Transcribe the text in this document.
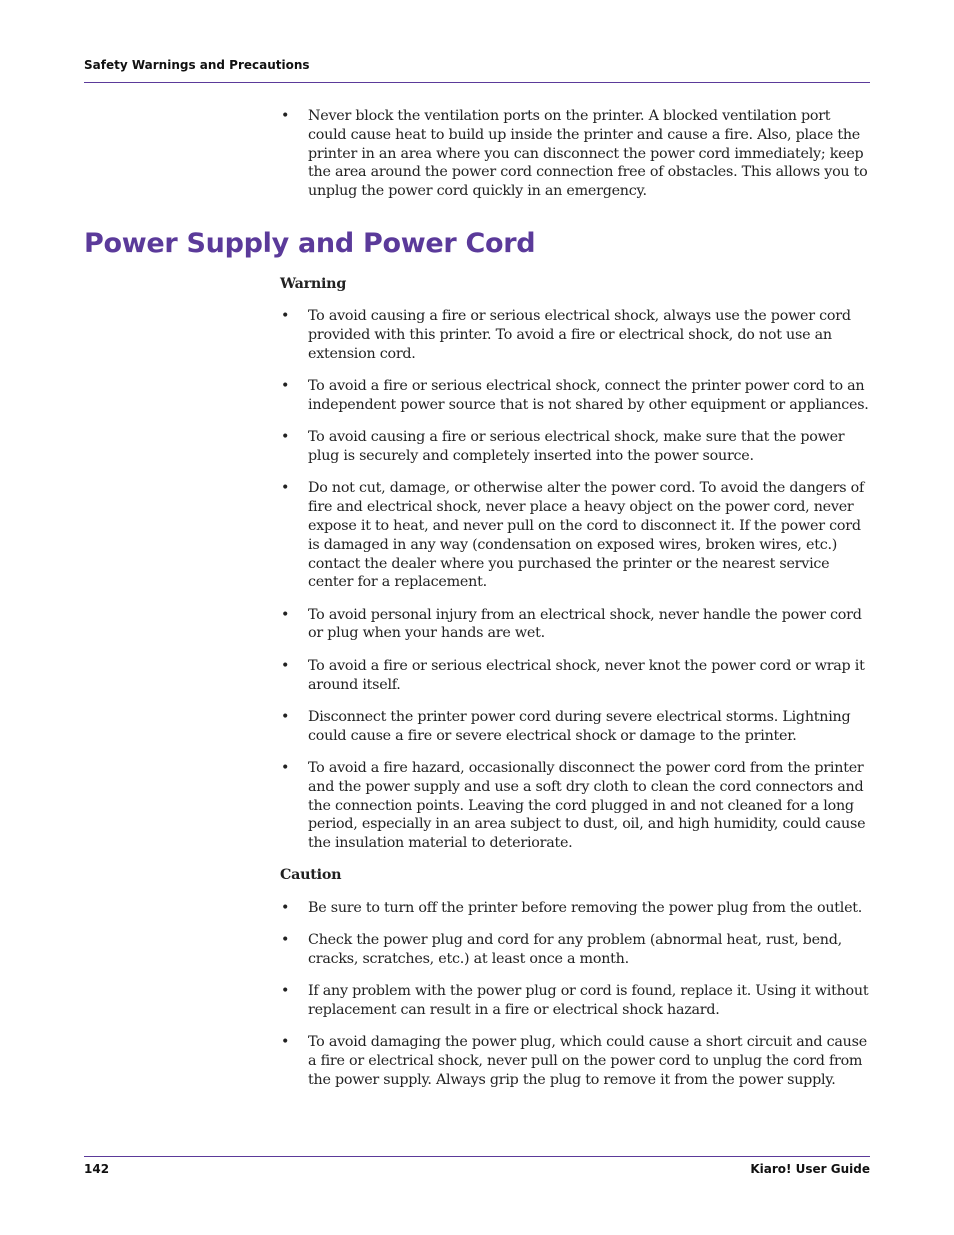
Safety Warnings and Precautions
• Never block the ventilation ports on the printer. A blocked ventilation port could cause heat to build up inside the printer and cause a fire. Also, place the printer in an area where you can disconnect the power cord immediately; keep the area around the power cord connection free of obstacles. This allows you to unplug the power cord quickly in an emergency.
Power Supply and Power Cord
Warning
• To avoid causing a fire or serious electrical shock, always use the power cord provided with this printer. To avoid a fire or electrical shock, do not use an extension cord.
• To avoid a fire or serious electrical shock, connect the printer power cord to an independent power source that is not shared by other equipment or appliances.
• To avoid causing a fire or serious electrical shock, make sure that the power plug is securely and completely inserted into the power source.
• Do not cut, damage, or otherwise alter the power cord. To avoid the dangers of fire and electrical shock, never place a heavy object on the power cord, never expose it to heat, and never pull on the cord to disconnect it. If the power cord is damaged in any way (condensation on exposed wires, broken wires, etc.) contact the dealer where you purchased the printer or the nearest service center for a replacement.
• To avoid personal injury from an electrical shock, never handle the power cord or plug when your hands are wet.
• To avoid a fire or serious electrical shock, never knot the power cord or wrap it around itself.
• Disconnect the printer power cord during severe electrical storms. Lightning could cause a fire or severe electrical shock or damage to the printer.
• To avoid a fire hazard, occasionally disconnect the power cord from the printer and the power supply and use a soft dry cloth to clean the cord connectors and the connection points. Leaving the cord plugged in and not cleaned for a long period, especially in an area subject to dust, oil, and high humidity, could cause the insulation material to deteriorate.
Caution
• Be sure to turn off the printer before removing the power plug from the outlet.
• Check the power plug and cord for any problem (abnormal heat, rust, bend, cracks, scratches, etc.) at least once a month.
• If any problem with the power plug or cord is found, replace it. Using it without replacement can result in a fire or electrical shock hazard.
• To avoid damaging the power plug, which could cause a short circuit and cause a fire or electrical shock, never pull on the power cord to unplug the cord from the power supply. Always grip the plug to remove it from the power supply.
142	Kiaro! User Guide
